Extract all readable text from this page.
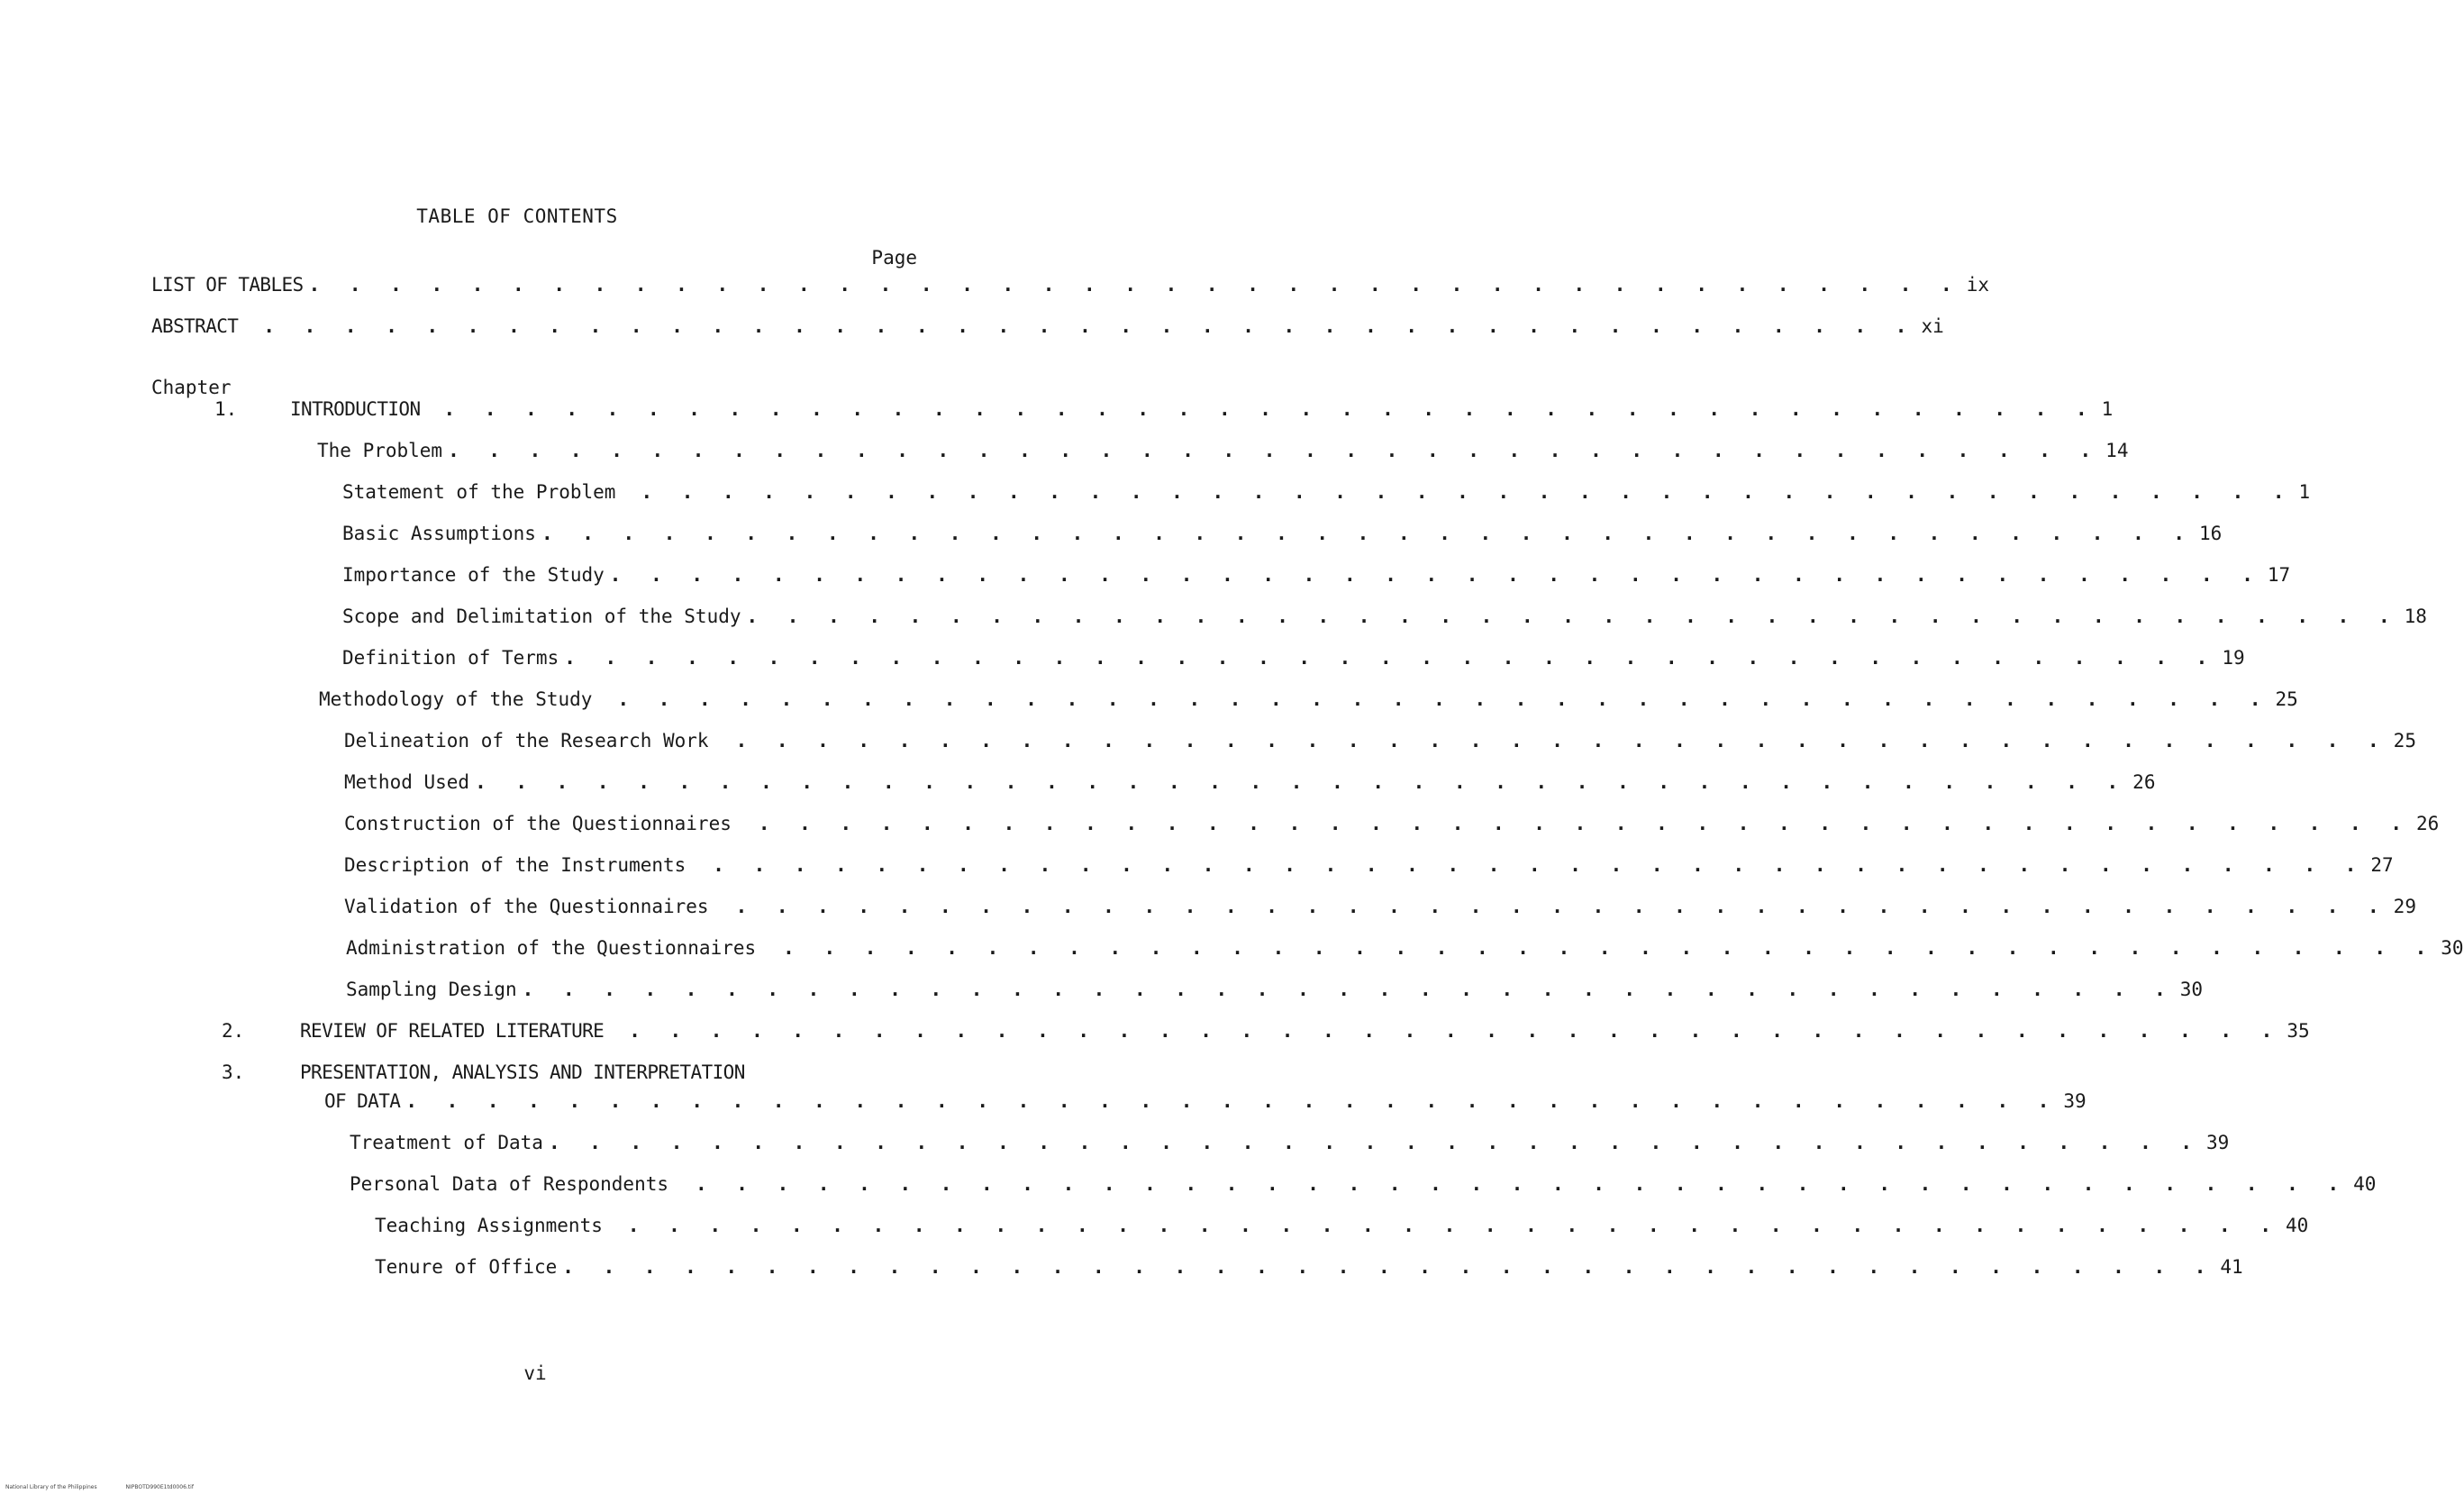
TABLE OF CONTENTS
Page
LIST OF TABLES . . . . . . . . . . . . . . . . . . . . . . . . . . . . . . . . . . . . . . . . . ix
ABSTRACT . . . . . . . . . . . . . . . . . . . . . . . . . . . . . . . . . . . . . . . . . xi
Chapter
1.	INTRODUCTION . . . . . . . . . . . . . . . . . . . . . . . . . . . . . . . . . . . . . . . . . 1
The Problem . . . . . . . . . . . . . . . . . . . . . . . . . . . . . . . . . . . . . . . . . 14
Statement of the Problem . . . . . . . . . . . . . . . . . . . . . . . . . . . . . . . . . . . . . . . . . 1
Basic Assumptions . . . . . . . . . . . . . . . . . . . . . . . . . . . . . . . . . . . . . . . . . 16
Importance of the Study . . . . . . . . . . . . . . . . . . . . . . . . . . . . . . . . . . . . . . . . . 17
Scope and Delimitation of the Study . . . . . . . . . . . . . . . . . . . . . . . . . . . . . . . . . . . . . . . . . 18
Definition of Terms . . . . . . . . . . . . . . . . . . . . . . . . . . . . . . . . . . . . . . . . . 19
Methodology of the Study . . . . . . . . . . . . . . . . . . . . . . . . . . . . . . . . . . . . . . . . . 25
Delineation of the Research Work . . . . . . . . . . . . . . . . . . . . . . . . . . . . . . . . . . . . . . . . . 25
Method Used . . . . . . . . . . . . . . . . . . . . . . . . . . . . . . . . . . . . . . . . . 26
Construction of the Questionnaires . . . . . . . . . . . . . . . . . . . . . . . . . . . . . . . . . . . . . . . . . 26
Description of the Instruments . . . . . . . . . . . . . . . . . . . . . . . . . . . . . . . . . . . . . . . . . 27
Validation of the Questionnaires . . . . . . . . . . . . . . . . . . . . . . . . . . . . . . . . . . . . . . . . . 29
Administration of the Questionnaires . . . . . . . . . . . . . . . . . . . . . . . . . . . . . . . . . . . . . . . . . 30
Sampling Design . . . . . . . . . . . . . . . . . . . . . . . . . . . . . . . . . . . . . . . . . 30
2.	REVIEW OF RELATED LITERATURE . . . . . . . . . . . . . . . . . . . . . . . . . . . . . . . . . . . . . . . . . 35
3.	PRESENTATION, ANALYSIS AND INTERPRETATION
OF DATA . . . . . . . . . . . . . . . . . . . . . . . . . . . . . . . . . . . . . . . . . 39
Treatment of Data . . . . . . . . . . . . . . . . . . . . . . . . . . . . . . . . . . . . . . . . . 39
Personal Data of Respondents . . . . . . . . . . . . . . . . . . . . . . . . . . . . . . . . . . . . . . . . . 40
Teaching Assignments . . . . . . . . . . . . . . . . . . . . . . . . . . . . . . . . . . . . . . . . . 40
Tenure of Office . . . . . . . . . . . . . . . . . . . . . . . . . . . . . . . . . . . . . . . . . 41
vi
National Library of the Philippines	NIPBOTD990E1td0006.tif
